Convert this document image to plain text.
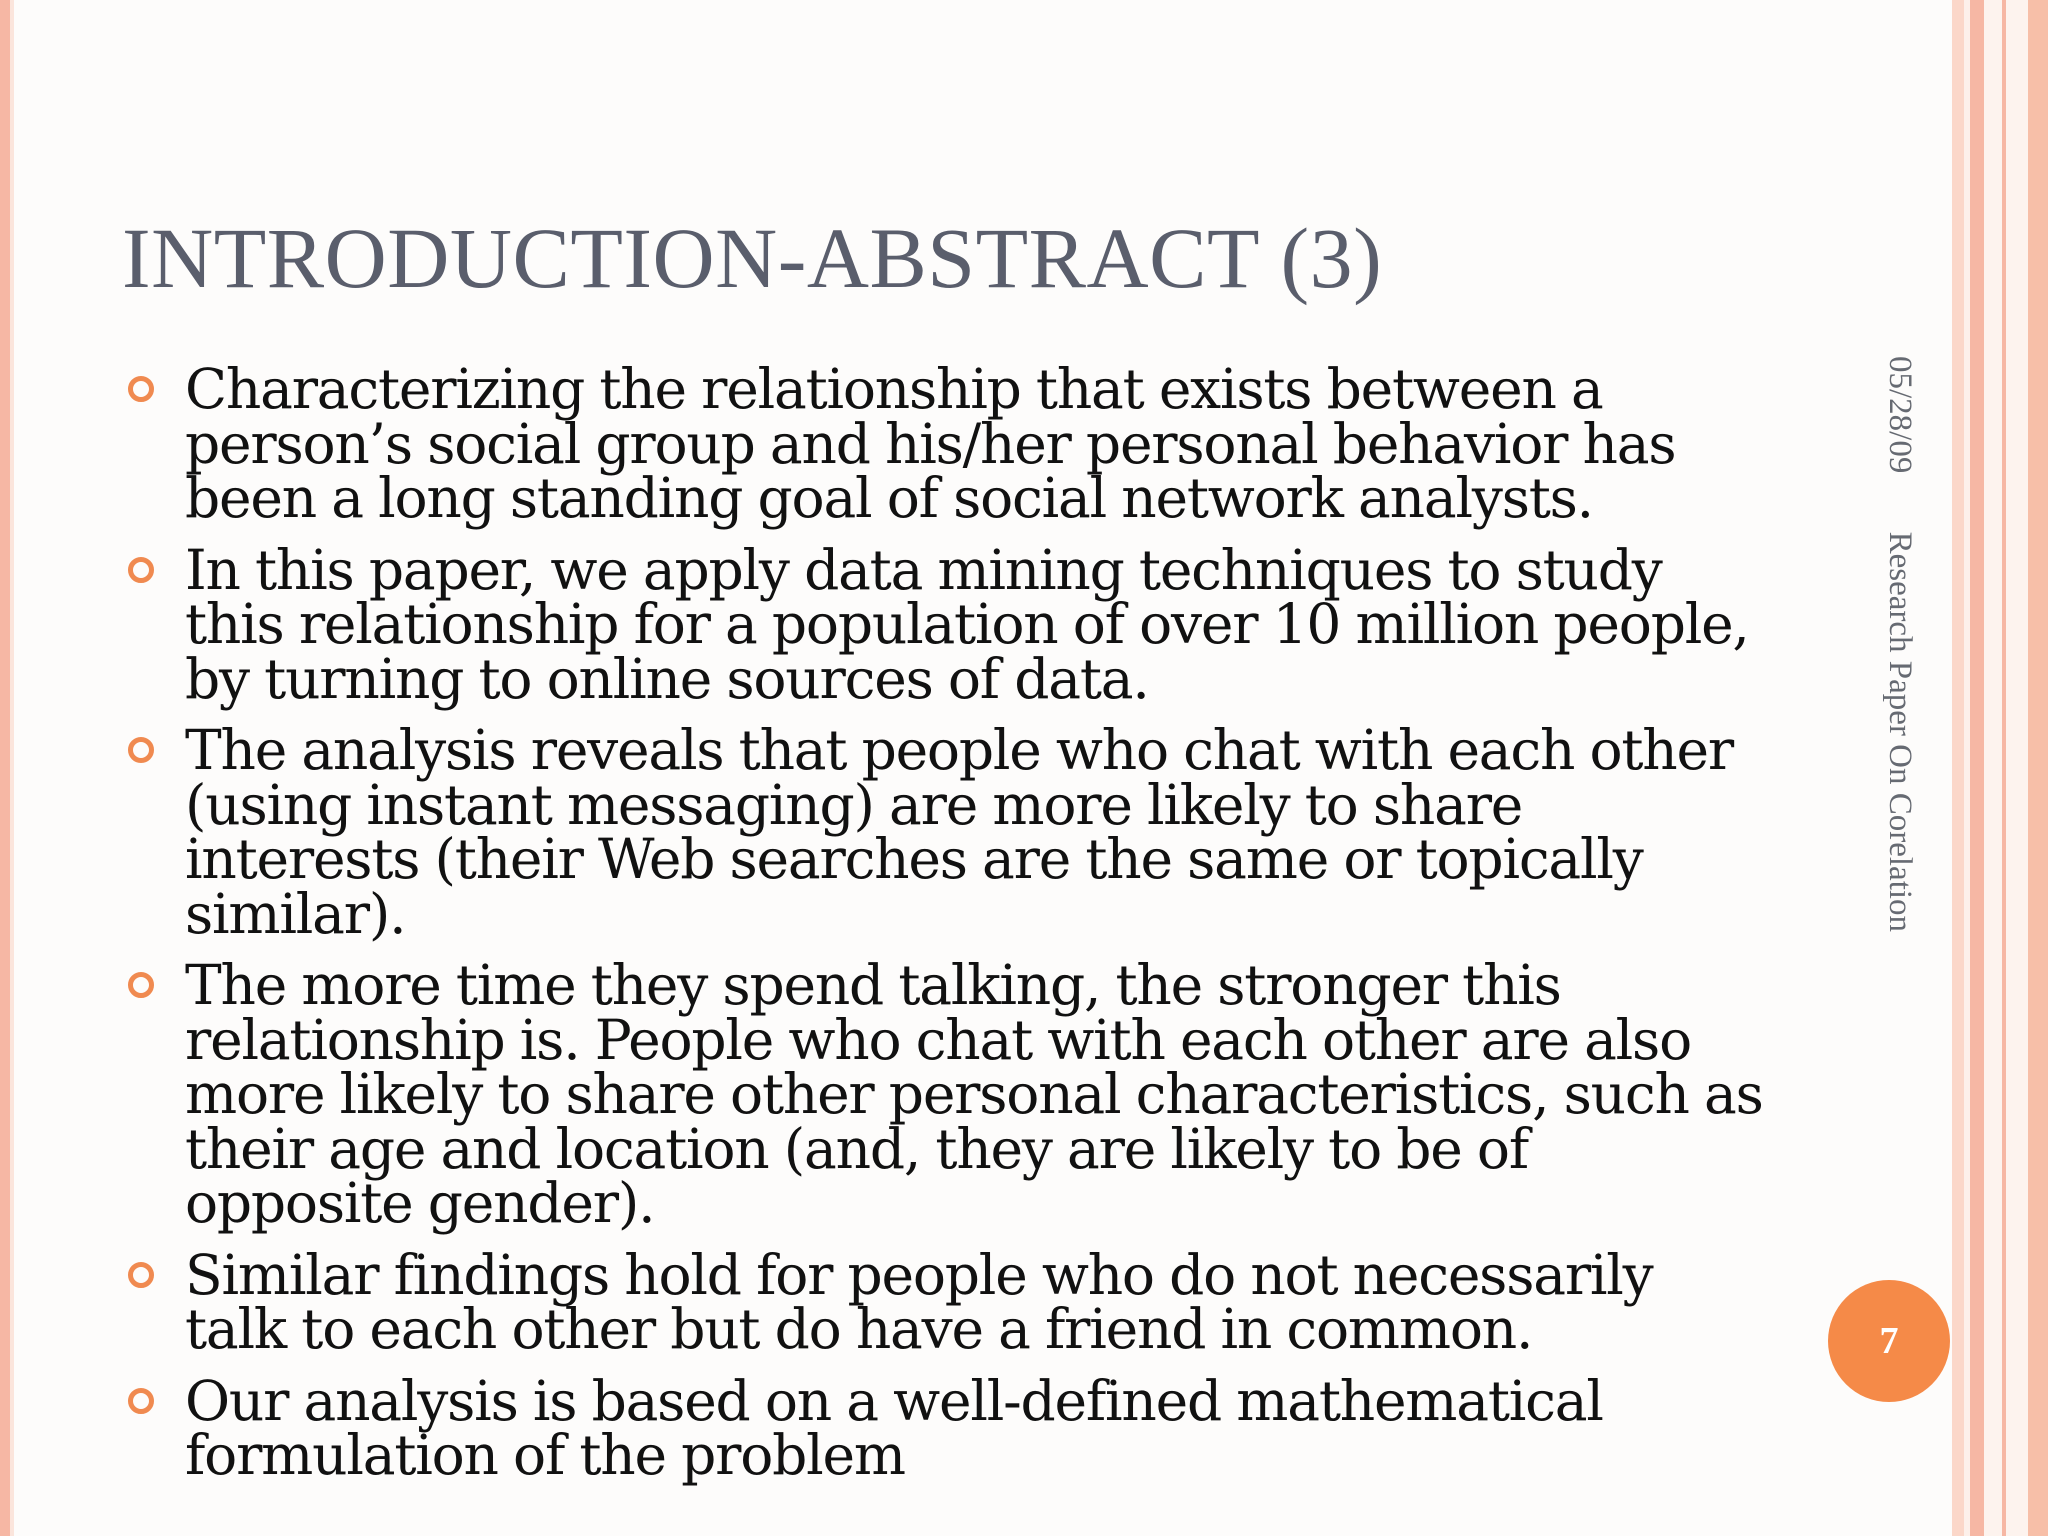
INTRODUCTION-ABSTRACT (3)
Characterizing the relationship that exists between a person’s social group and his/her personal behavior has been a long standing goal of social network analysts.
In this paper, we apply data mining techniques to study this relationship for a population of over 10 million people, by turning to online sources of data.
The analysis reveals that people who chat with each other (using instant messaging) are more likely to share interests (their Web searches are the same or topically similar).
The more time they spend talking, the stronger this relationship is. People who chat with each other are also more likely to share other personal characteristics, such as their age and location (and, they are likely to be of opposite gender).
Similar findings hold for people who do not necessarily talk to each other but do have a friend in common.
Our analysis is based on a well-defined mathematical formulation of the problem
05/28/09 Research Paper On Corelation
7
